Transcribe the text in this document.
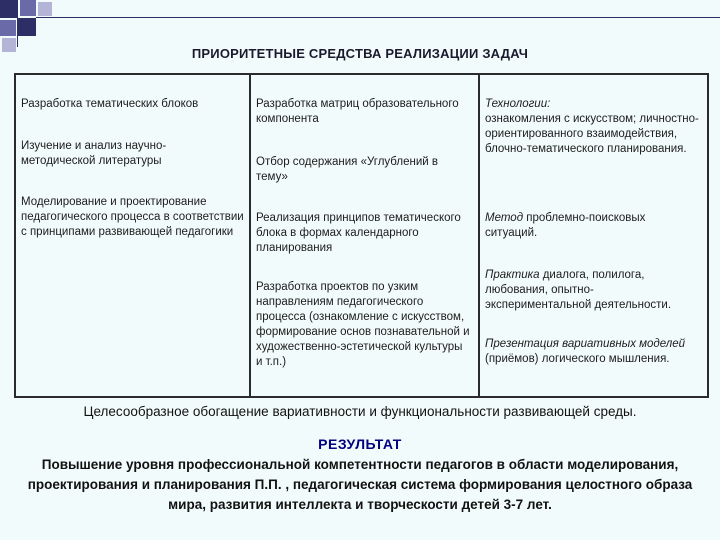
ПРИОРИТЕТНЫЕ СРЕДСТВА РЕАЛИЗАЦИИ ЗАДАЧ
Разработка тематических блоков
Изучение и анализ научно-методической литературы
Моделирование и проектирование педагогического процесса в соответствии с принципами развивающей педагогики
Разработка матриц образовательного компонента
Отбор содержания «Углублений в тему»
Реализация принципов тематического блока в формах календарного планирования
Разработка проектов по узким направлениям педагогического процесса (ознакомление с искусством, формирование основ познавательной и художественно-эстетической культуры и т.п.)
Технологии:
ознакомления с искусством; личностно-ориентированного взаимодействия, блочно-тематического планирования.
Метод проблемно-поисковых ситуаций.
Практика диалога, полилога, любования, опытно-экспериментальной деятельности.
Презентация вариативных моделей (приёмов) логического мышления.
Целесообразное обогащение вариативности и функциональности развивающей среды.
РЕЗУЛЬТАТ
Повышение уровня профессиональной компетентности педагогов в области моделирования, проектирования и планирования П.П. , педагогическая система формирования целостного образа мира, развития интеллекта и творческости детей 3-7 лет.
